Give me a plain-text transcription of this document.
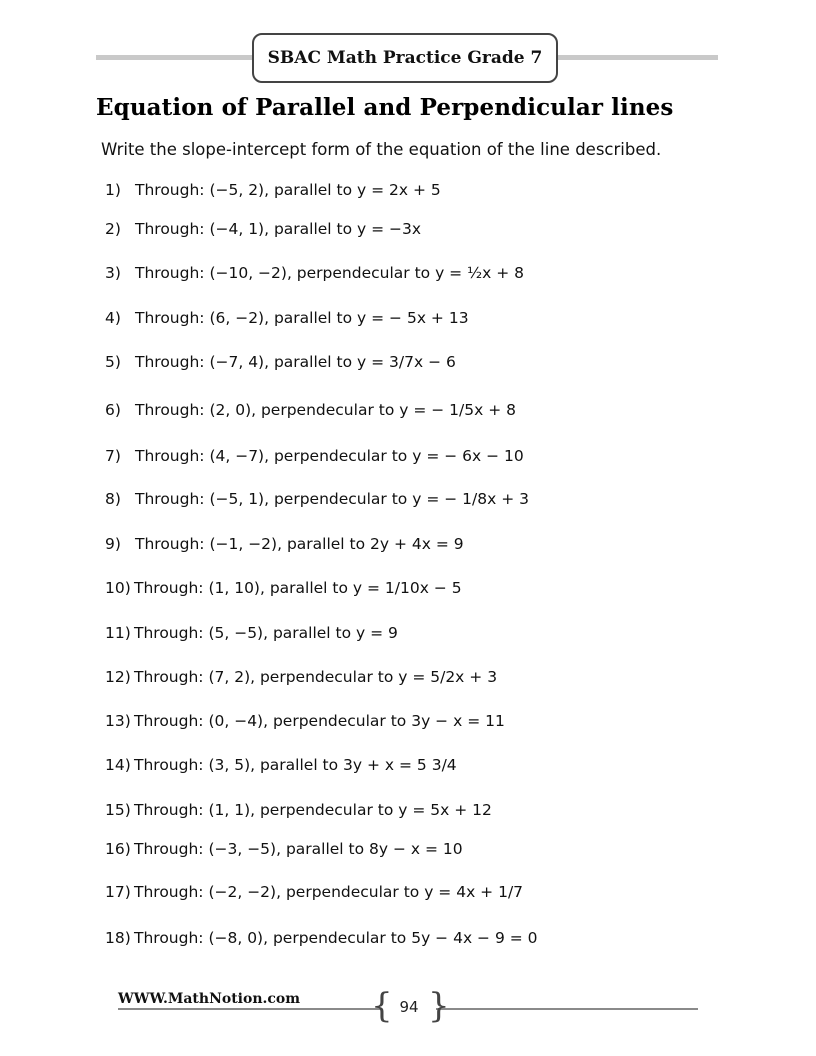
SBAC Math Practice Grade 7
Equation of Parallel and Perpendicular lines
Write the slope-intercept form of the equation of the line described.
1) Through: (−5, 2), parallel to y = 2x + 5
2) Through: (−4, 1), parallel to y = −3x
3) Through: (−10, −2), perpendecular to y = ½x + 8
4) Through: (6, −2), parallel to y = − 5x + 13
5) Through: (−7, 4), parallel to y = 3/7x − 6
6) Through: (2, 0), perpendecular to y = − 1/5x + 8
7) Through: (4, −7), perpendecular to y = − 6x − 10
8) Through: (−5, 1), perpendecular to y = − 1/8x + 3
9) Through: (−1, −2), parallel to 2y + 4x = 9
10) Through: (1, 10), parallel to y = 1/10x − 5
11) Through: (5, −5), parallel to y = 9
12) Through: (7, 2), perpendecular to y = 5/2x + 3
13) Through: (0, −4), perpendecular to 3y − x = 11
14) Through: (3, 5), parallel to 3y + x = 5 3/4
15) Through: (1, 1), perpendecular to y = 5x + 12
16) Through: (−3, −5), parallel to 8y − x = 10
17) Through: (−2, −2), perpendecular to y = 4x + 1/7
18) Through: (−8, 0), perpendecular to 5y − 4x − 9 = 0
WWW.MathNotion.com { }
94
